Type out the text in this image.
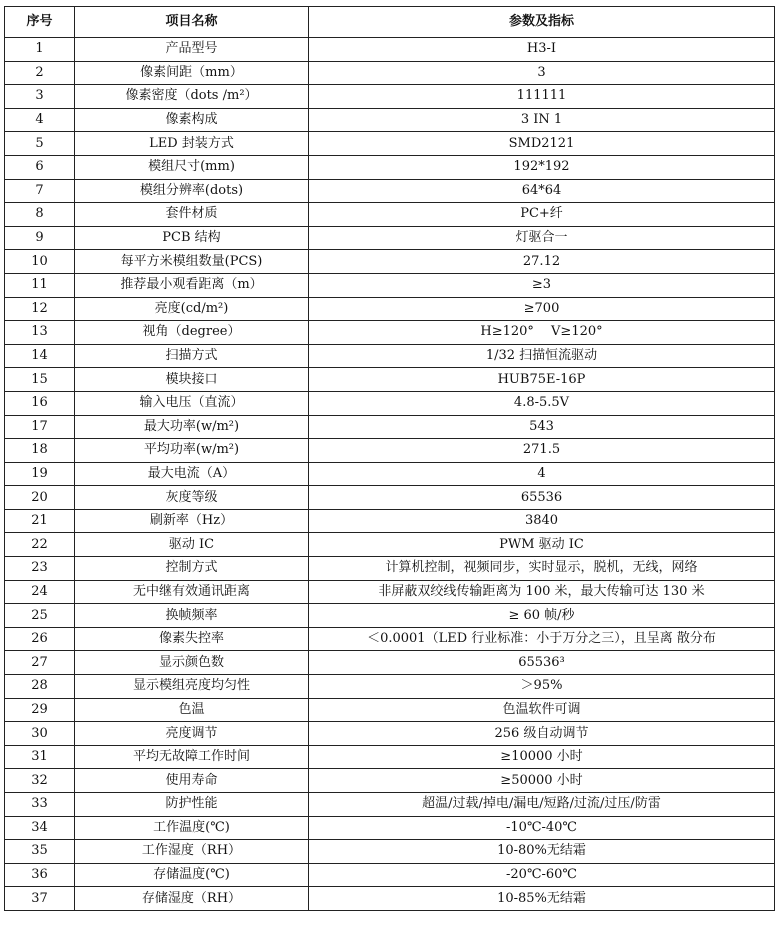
序号	项目名称	参数及指标
1	产品型号	H3-I
2	像素间距（mm）	3
3	像素密度（dots /m²）	111111
4	像素构成	3 IN 1
5	LED 封装方式	SMD2121
6	模组尺寸(mm)	192*192
7	模组分辨率(dots)	64*64
8	套件材质	PC+纤
9	PCB 结构	灯驱合一
10	每平方米模组数量(PCS)	27.12
11	推荐最小观看距离（m）	≥3
12	亮度(cd/m²)	≥700
13	视角（degree）	H≥120°　 V≥120°
14	扫描方式	1/32 扫描恒流驱动
15	模块接口	HUB75E-16P
16	输入电压（直流）	4.8-5.5V
17	最大功率(w/m²)	543
18	平均功率(w/m²)	271.5
19	最大电流（A）	4
20	灰度等级	65536
21	刷新率（Hz）	3840
22	驱动 IC	PWM 驱动 IC
23	控制方式	计算机控制，视频同步，实时显示，脱机，无线，网络
24	无中继有效通讯距离	非屏蔽双绞线传输距离为 100 米，最大传输可达 130 米
25	换帧频率	≥ 60 帧/秒
26	像素失控率	＜0.0001（LED 行业标准：小于万分之三），且呈离 散分布
27	显示颜色数	65536³
28	显示模组亮度均匀性	＞95%
29	色温	色温软件可调
30	亮度调节	256 级自动调节
31	平均无故障工作时间	≥10000 小时
32	使用寿命	≥50000 小时
33	防护性能	超温/过载/掉电/漏电/短路/过流/过压/防雷
34	工作温度(℃)	-10℃-40℃
35	工作湿度（RH）	10-80%无结霜
36	存储温度(℃)	-20℃-60℃
37	存储湿度（RH）	10-85%无结霜
